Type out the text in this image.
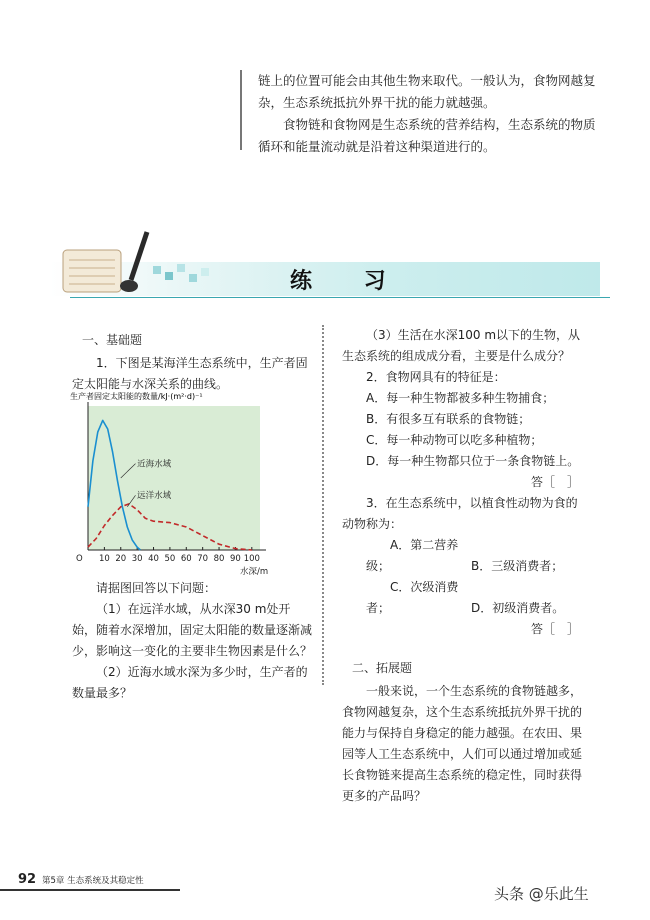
链上的位置可能会由其他生物来取代。一般认为，食物网越复杂，生态系统抵抗外界干扰的能力就越强。

食物链和食物网是生态系统的营养结构，生态系统的物质循环和能量流动就是沿着这种渠道进行的。

练 习

一、基础题

1．下图是某海洋生态系统中，生产者固定太阳能与水深关系的曲线。

生产者固定太阳能的数量/kJ·(m²·d)⁻¹
10 20 30 40 50 60 70 80 90 100
O
水深/m
近海水域
远洋水域

请据图回答以下问题：

（1）在远洋水域，从水深30 m处开始，随着水深增加，固定太阳能的数量逐渐减少，影响这一变化的主要非生物因素是什么？

（2）近海水域水深为多少时，生产者的数量最多？

（3）生活在水深100 m以下的生物，从生态系统的组成成分看，主要是什么成分？

2．食物网具有的特征是：

A．每一种生物都被多种生物捕食；

B．有很多互有联系的食物链；

C．每一种动物可以吃多种植物；

D．每一种生物都只位于一条食物链上。

答［　］

3．在生态系统中，以植食性动物为食的动物称为：

A．第二营养级；	B．三级消费者；

C．次级消费者；	D．初级消费者。

答［　］

二、拓展题

一般来说，一个生态系统的食物链越多，食物网越复杂，这个生态系统抵抗外界干扰的能力与保持自身稳定的能力越强。在农田、果园等人工生态系统中，人们可以通过增加或延长食物链来提高生态系统的稳定性，同时获得更多的产品吗？

92 第5章 生态系统及其稳定性
头条 @乐此生
